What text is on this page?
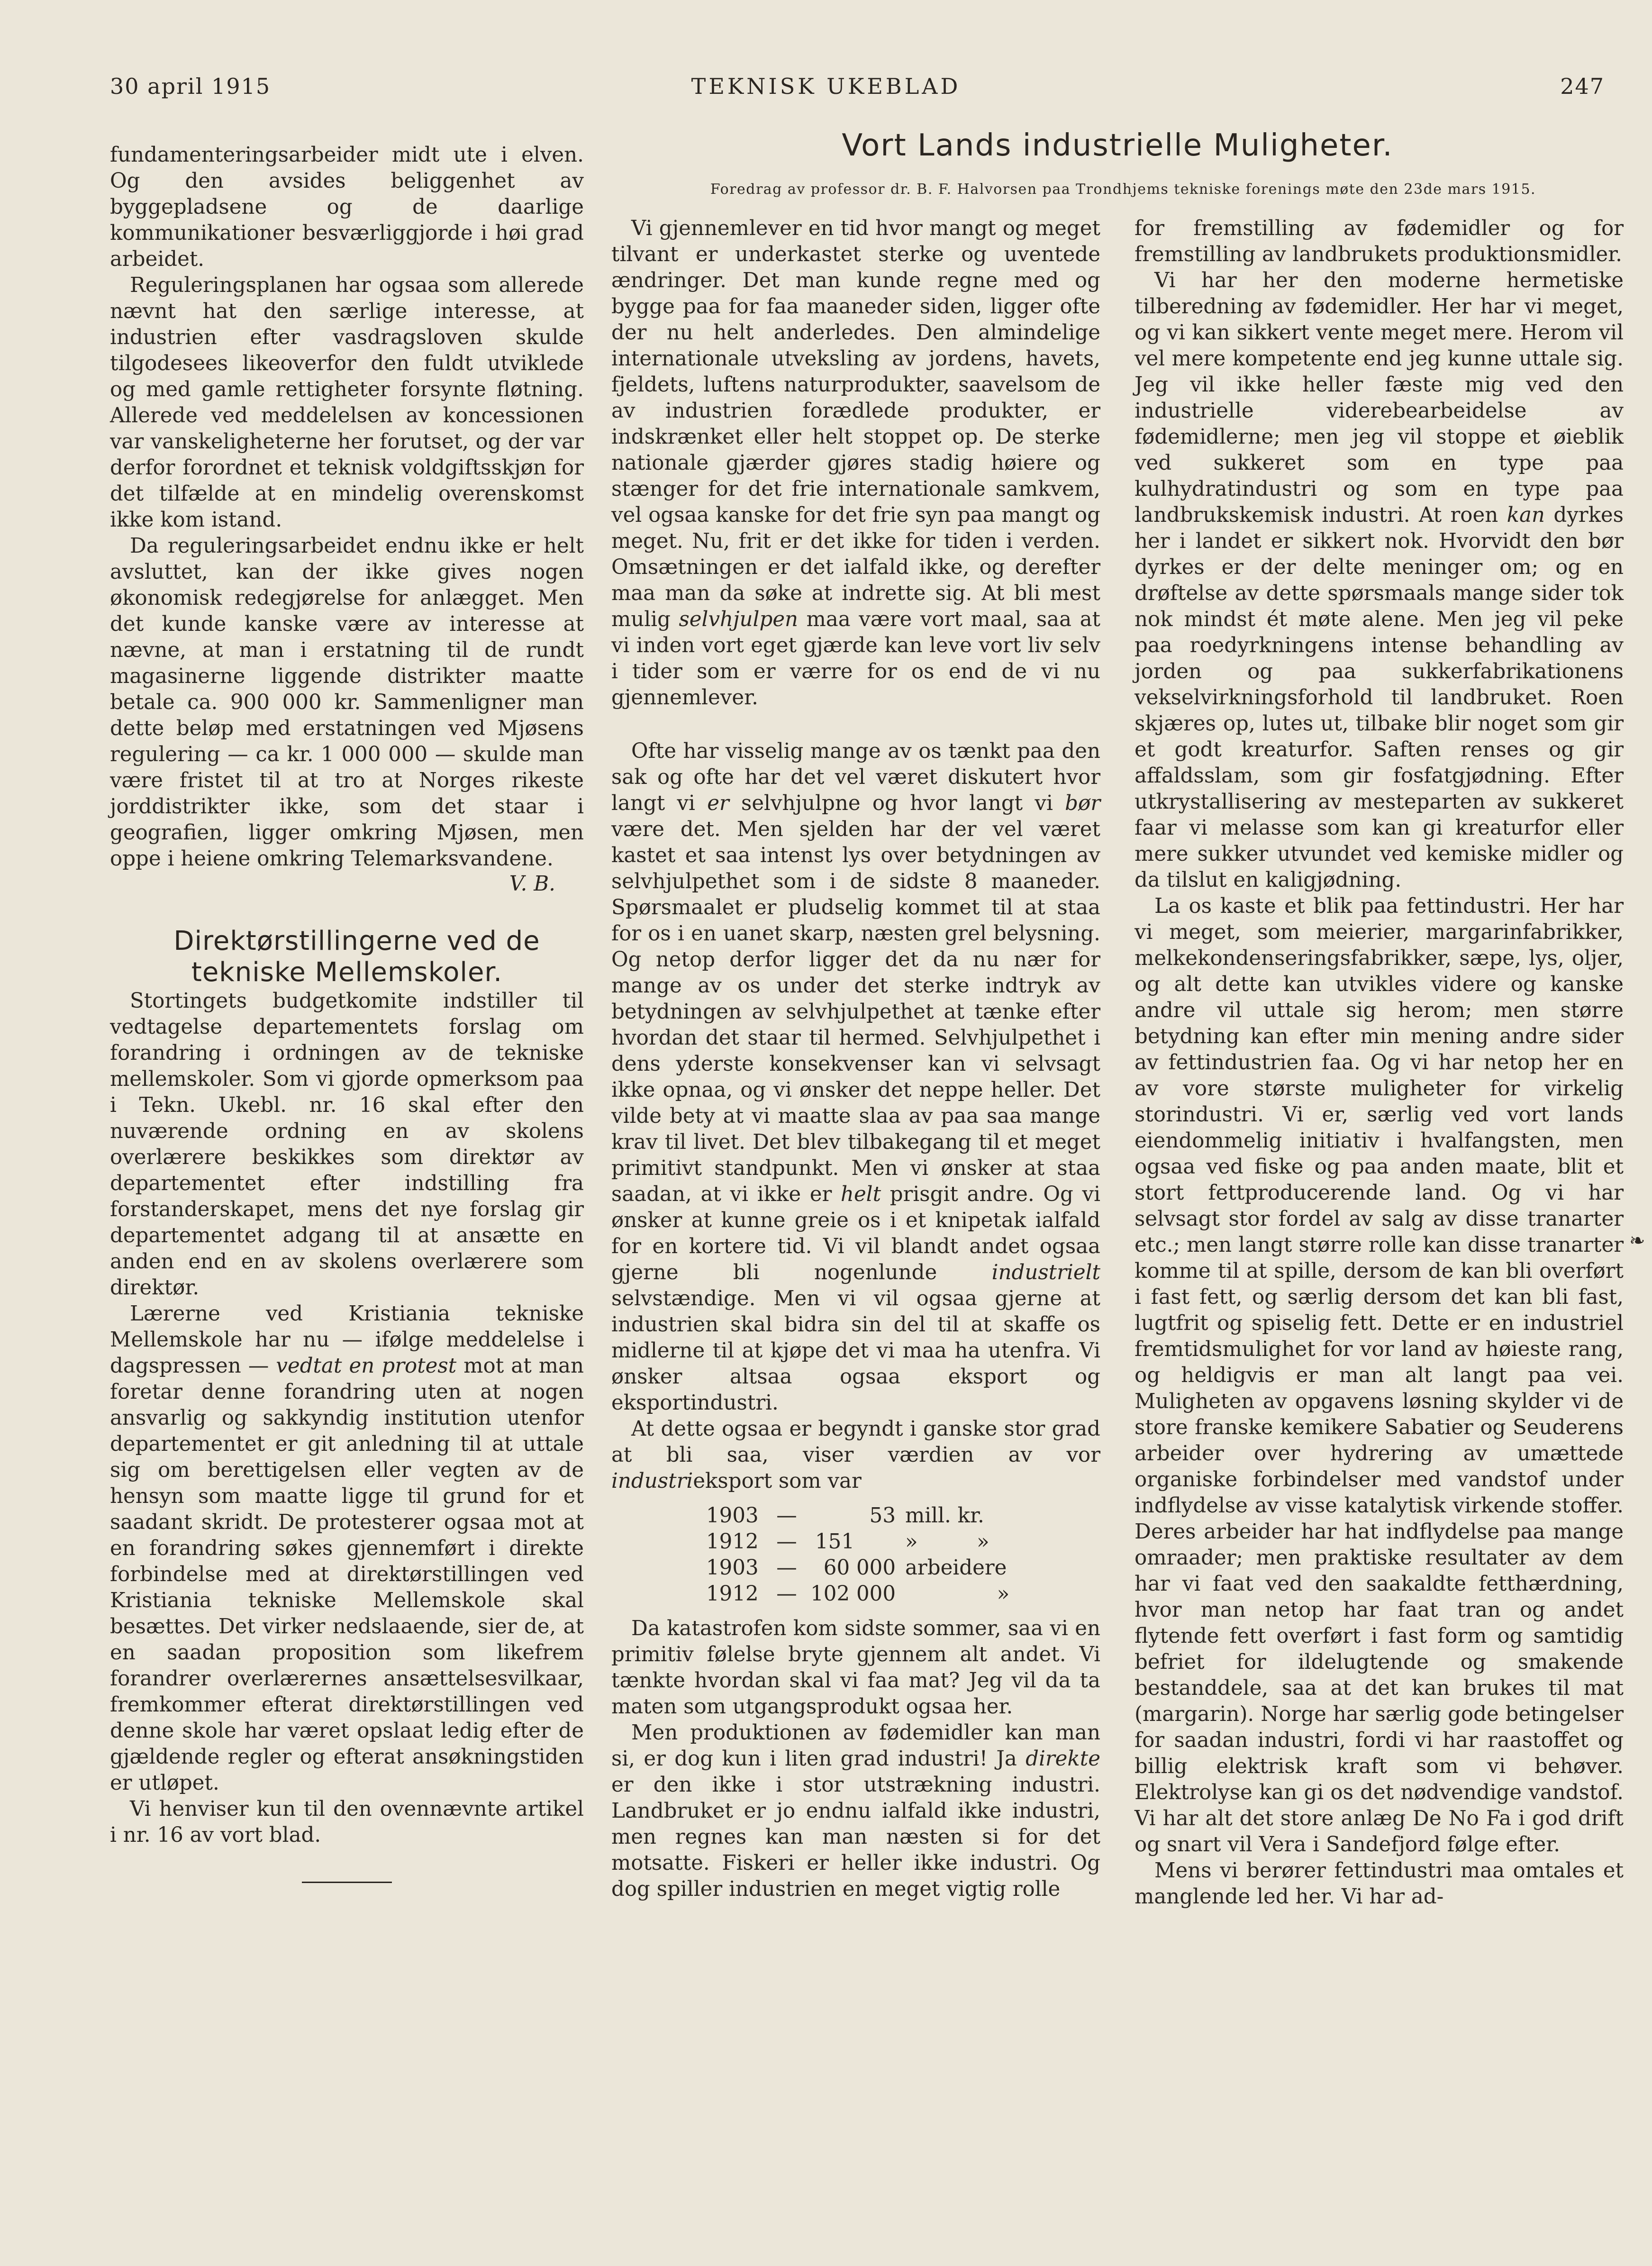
30 april 1915	TEKNISK UKEBLAD	247

fundamenteringsarbeider midt ute i elven. Og den avsides beliggenhet av byggepladsene og de daarlige kommunikationer besværliggjorde i høi grad arbeidet.

Reguleringsplanen har ogsaa som allerede nævnt hat den særlige interesse, at industrien efter vasdragsloven skulde tilgodesees likeoverfor den fuldt utviklede og med gamle rettigheter forsynte fløtning. Allerede ved meddelelsen av koncessionen var vanskeligheterne her forutset, og der var derfor forordnet et teknisk voldgiftsskjøn for det tilfælde at en mindelig overenskomst ikke kom istand.

Da reguleringsarbeidet endnu ikke er helt avsluttet, kan der ikke gives nogen økonomisk redegjørelse for anlægget. Men det kunde kanske være av interesse at nævne, at man i erstatning til de rundt magasinerne liggende distrikter maatte betale ca. 900 000 kr. Sammenligner man dette beløp med erstatningen ved Mjøsens regulering — ca kr. 1 000 000 — skulde man være fristet til at tro at Norges rikeste jorddistrikter ikke, som det staar i geografien, ligger omkring Mjøsen, men oppe i heiene omkring Telemarksvandene.

V. B.

Direktørstillingerne ved de tekniske Mellemskoler.

Stortingets budgetkomite indstiller til vedtagelse departementets forslag om forandring i ordningen av de tekniske mellemskoler. Som vi gjorde opmerksom paa i Tekn. Ukebl. nr. 16 skal efter den nuværende ordning en av skolens overlærere beskikkes som direktør av departementet efter indstilling fra forstanderskapet, mens det nye forslag gir departementet adgang til at ansætte en anden end en av skolens overlærere som direktør.

Lærerne ved Kristiania tekniske Mellemskole har nu — ifølge meddelelse i dagspressen — vedtat en protest mot at man foretar denne forandring uten at nogen ansvarlig og sakkyndig institution utenfor departementet er git anledning til at uttale sig om berettigelsen eller vegten av de hensyn som maatte ligge til grund for et saadant skridt. De protesterer ogsaa mot at en forandring søkes gjennemført i direkte forbindelse med at direktørstillingen ved Kristiania tekniske Mellemskole skal besættes. Det virker nedslaaende, sier de, at en saadan proposition som likefrem forandrer overlærernes ansættelsesvilkaar, fremkommer efterat direktørstillingen ved denne skole har været opslaat ledig efter de gjældende regler og efterat ansøkningstiden er utløpet.

Vi henviser kun til den ovennævnte artikel i nr. 16 av vort blad.

Vort Lands industrielle Muligheter.
Foredrag av professor dr. B. F. Halvorsen paa Trondhjems tekniske forenings møte den 23de mars 1915.

Vi gjennemlever en tid hvor mangt og meget tilvant er underkastet sterke og uventede ændringer. Det man kunde regne med og bygge paa for faa maaneder siden, ligger ofte der nu helt anderledes. Den almindelige internationale utveksling av jordens, havets, fjeldets, luftens naturprodukter, saavelsom de av industrien forædlede produkter, er indskrænket eller helt stoppet op. De sterke nationale gjærder gjøres stadig høiere og stænger for det frie internationale samkvem, vel ogsaa kanske for det frie syn paa mangt og meget. Nu, frit er det ikke for tiden i verden. Omsætningen er det ialfald ikke, og derefter maa man da søke at indrette sig. At bli mest mulig selvhjulpen maa være vort maal, saa at vi inden vort eget gjærde kan leve vort liv selv i tider som er værre for os end de vi nu gjennemlever.

Ofte har visselig mange av os tænkt paa den sak og ofte har det vel været diskutert hvor langt vi er selvhjulpne og hvor langt vi bør være det. Men sjelden har der vel været kastet et saa intenst lys over betydningen av selvhjulpethet som i de sidste 8 maaneder. Spørsmaalet er pludselig kommet til at staa for os i en uanet skarp, næsten grel belysning. Og netop derfor ligger det da nu nær for mange av os under det sterke indtryk av betydningen av selvhjulpethet at tænke efter hvordan det staar til hermed. Selvhjulpethet i dens yderste konsekvenser kan vi selvsagt ikke opnaa, og vi ønsker det neppe heller. Det vilde bety at vi maatte slaa av paa saa mange krav til livet. Det blev tilbakegang til et meget primitivt standpunkt. Men vi ønsker at staa saadan, at vi ikke er helt prisgit andre. Og vi ønsker at kunne greie os i et knipetak ialfald for en kortere tid. Vi vil blandt andet ogsaa gjerne bli nogenlunde industrielt selvstændige. Men vi vil ogsaa gjerne at industrien skal bidra sin del til at skaffe os midlerne til at kjøpe det vi maa ha utenfra. Vi ønsker altsaa ogsaa eksport og eksportindustri.

At dette ogsaa er begyndt i ganske stor grad at bli saa, viser værdien av vor industrieksport som var

1903 —	53 mill. kr.
1912 — 151	»         »
1903 —	60 000 arbeidere
1912 — 102 000 »

Da katastrofen kom sidste sommer, saa vi en primitiv følelse bryte gjennem alt andet. Vi tænkte hvordan skal vi faa mat? Jeg vil da ta maten som utgangsprodukt ogsaa her.

Men produktionen av fødemidler kan man si, er dog kun i liten grad industri! Ja direkte er den ikke i stor utstrækning industri. Landbruket er jo endnu ialfald ikke industri, men regnes kan man næsten si for det motsatte. Fiskeri er heller ikke industri. Og dog spiller industrien en meget vigtig rolle

for fremstilling av fødemidler og for fremstilling av landbrukets produktionsmidler.

Vi har her den moderne hermetiske tilberedning av fødemidler. Her har vi meget, og vi kan sikkert vente meget mere. Herom vil vel mere kompetente end jeg kunne uttale sig. Jeg vil ikke heller fæste mig ved den industrielle viderebearbeidelse av fødemidlerne; men jeg vil stoppe et øieblik ved sukkeret som en type paa kulhydratindustri og som en type paa landbrukskemisk industri. At roen kan dyrkes her i landet er sikkert nok. Hvorvidt den bør dyrkes er der delte meninger om; og en drøftelse av dette spørsmaals mange sider tok nok mindst ét møte alene. Men jeg vil peke paa roedyrkningens intense behandling av jorden og paa sukkerfabrikationens vekselvirkningsforhold til landbruket. Roen skjæres op, lutes ut, tilbake blir noget som gir et godt kreaturfor. Saften renses og gir affaldsslam, som gir fosfatgjødning. Efter utkrystallisering av mesteparten av sukkeret faar vi melasse som kan gi kreaturfor eller mere sukker utvundet ved kemiske midler og da tilslut en kaligjødning.

La os kaste et blik paa fettindustri. Her har vi meget, som meierier, margarinfabrikker, melkekondenseringsfabrikker, sæpe, lys, oljer, og alt dette kan utvikles videre og kanske andre vil uttale sig herom; men større betydning kan efter min mening andre sider av fettindustrien faa. Og vi har netop her en av vore største muligheter for virkelig storindustri. Vi er, særlig ved vort lands eiendommelig initiativ i hvalfangsten, men ogsaa ved fiske og paa anden maate, blit et stort fettproducerende land. Og vi har selvsagt stor fordel av salg av disse tranarter etc.; men langt større rolle kan disse tranarter komme til at spille, dersom de kan bli overført i fast fett, og særlig dersom det kan bli fast, lugtfrit og spiselig fett. Dette er en industriel fremtidsmulighet for vor land av høieste rang, og heldigvis er man alt langt paa vei. Muligheten av opgavens løsning skylder vi de store franske kemikere Sabatier og Seuderens arbeider over hydrering av umættede organiske forbindelser med vandstof under indflydelse av visse katalytisk virkende stoffer. Deres arbeider har hat indflydelse paa mange omraader; men praktiske resultater av dem har vi faat ved den saakaldte fetthærdning, hvor man netop har faat tran og andet flytende fett overført i fast form og samtidig befriet for ildelugtende og smakende bestanddele, saa at det kan brukes til mat (margarin). Norge har særlig gode betingelser for saadan industri, fordi vi har raastoffet og billig elektrisk kraft som vi behøver. Elektrolyse kan gi os det nødvendige vandstof. Vi har alt det store anlæg De No Fa i god drift og snart vil Vera i Sandefjord følge efter.

Mens vi berører fettindustri maa omtales et manglende led her. Vi har ad-

❧
